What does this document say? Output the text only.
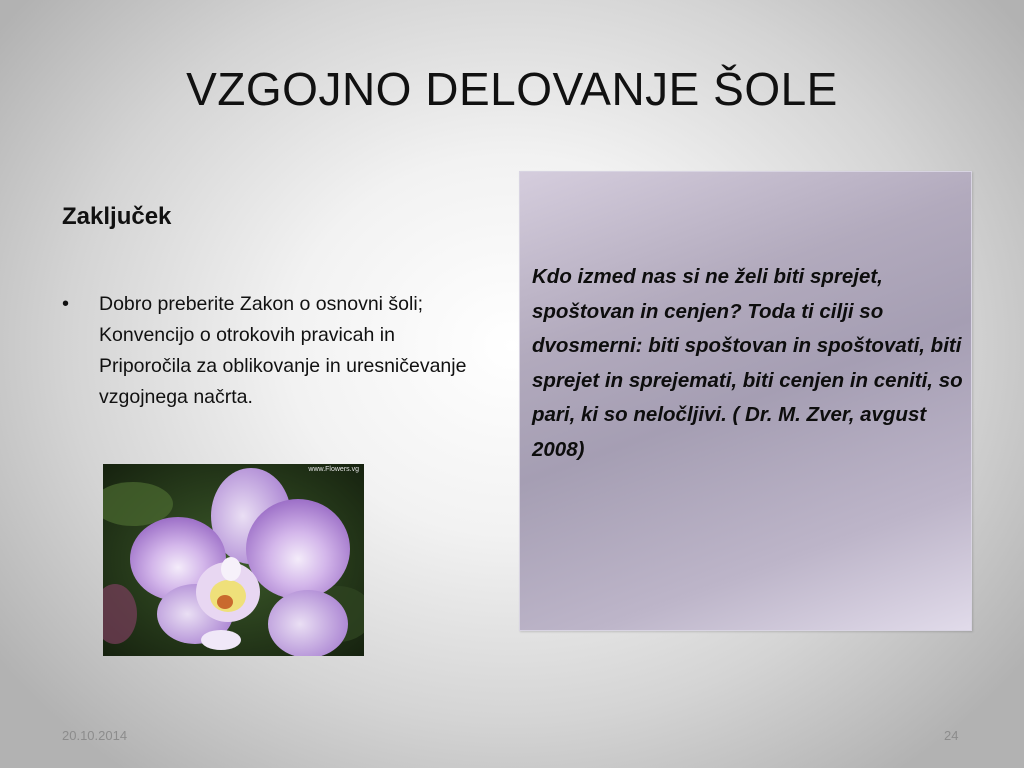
VZGOJNO DELOVANJE ŠOLE
Zaključek
•	Dobro preberite Zakon o osnovni šoli; Konvencijo o otrokovih pravicah in Priporočila za oblikovanje in uresničevanje vzgojnega načrta.
www.Flowers.vg
Kdo izmed nas si ne želi biti sprejet, spoštovan in cenjen? Toda ti cilji so dvosmerni: biti spoštovan in spoštovati, biti sprejet in sprejemati, biti cenjen in ceniti, so pari, ki so neločljivi. ( Dr. M. Zver, avgust 2008)
20.10.2014	24
